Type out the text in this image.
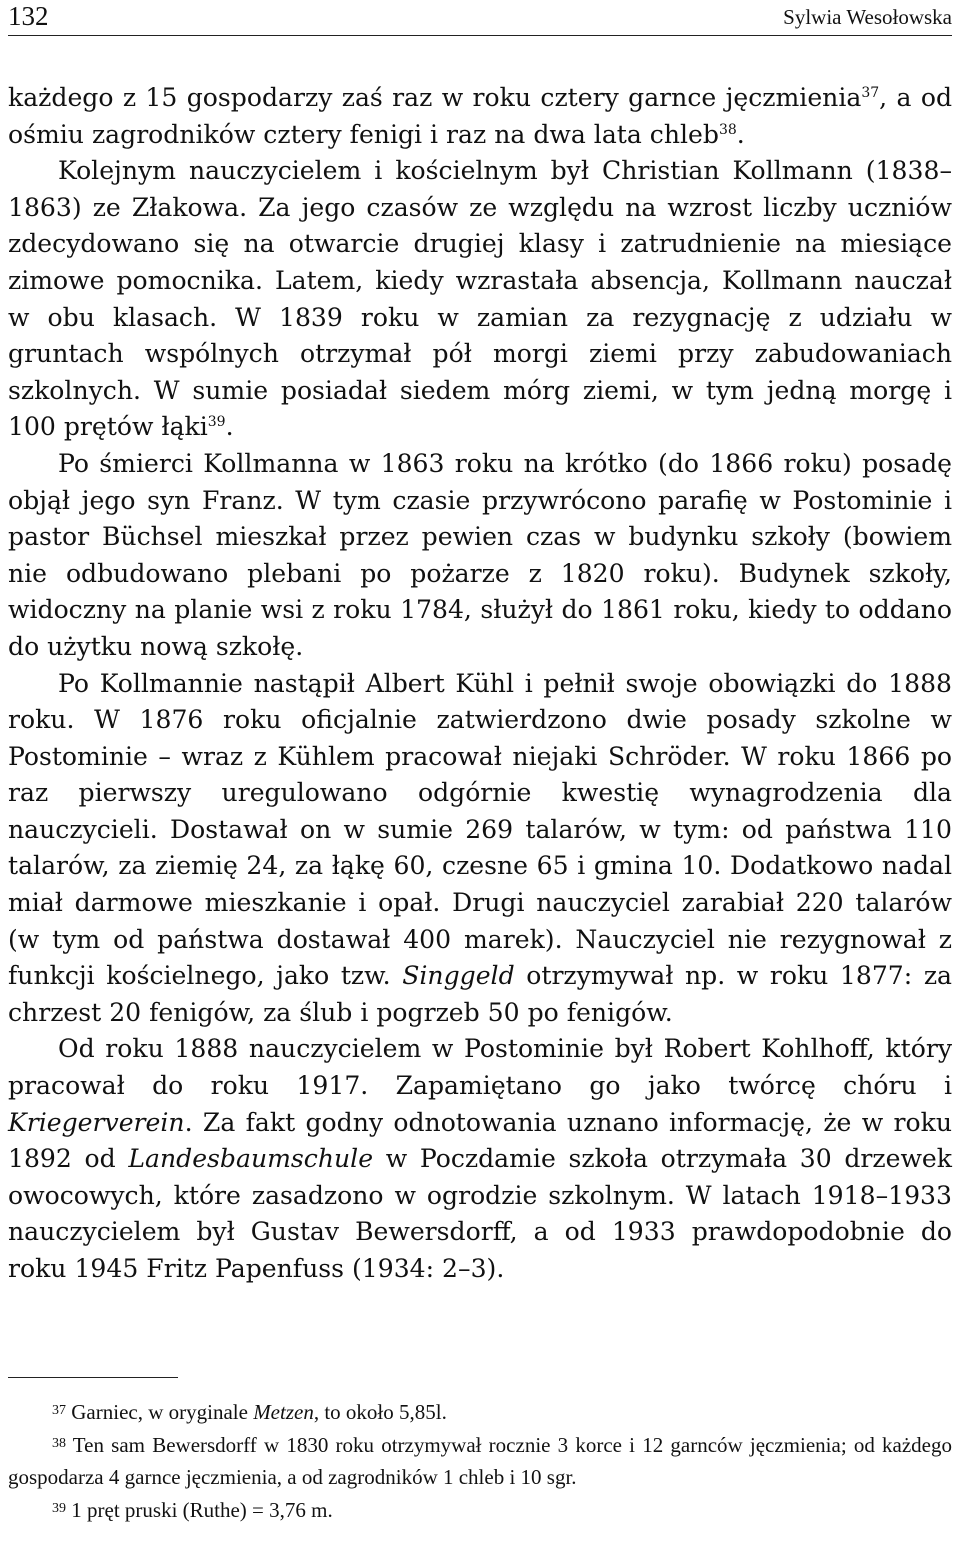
132	Sylwia Wesołowska

każdego z 15 gospodarzy zaś raz w roku cztery garnce jęczmienia$^{37}$, a od ośmiu zagrodników cztery fenigi i raz na dwa lata chleb$^{38}$.

Kolejnym nauczycielem i kościelnym był Christian Kollmann (1838–1863) ze Złakowa. Za jego czasów ze względu na wzrost liczby uczniów zdecydowano się na otwarcie drugiej klasy i zatrudnienie na miesiące zimowe pomocnika. Latem, kiedy wzrastała absencja, Kollmann nauczał w obu klasach. W 1839 roku w zamian za rezygnację z udziału w gruntach wspólnych otrzymał pół morgi ziemi przy zabudowaniach szkolnych. W sumie posiadał siedem mórg ziemi, w tym jedną morgę i 100 prętów łąki$^{39}$.

Po śmierci Kollmanna w 1863 roku na krótko (do 1866 roku) posadę objął jego syn Franz. W tym czasie przywrócono parafię w Postominie i pastor Büchsel mieszkał przez pewien czas w budynku szkoły (bowiem nie odbudowano plebani po pożarze z 1820 roku). Budynek szkoły, widoczny na planie wsi z roku 1784, służył do 1861 roku, kiedy to oddano do użytku nową szkołę.

Po Kollmannie nastąpił Albert Kühl i pełnił swoje obowiązki do 1888 roku. W 1876 roku oficjalnie zatwierdzono dwie posady szkolne w Postominie – wraz z Kühlem pracował niejaki Schröder. W roku 1866 po raz pierwszy uregulowano odgórnie kwestię wynagrodzenia dla nauczycieli. Dostawał on w sumie 269 talarów, w tym: od państwa 110 talarów, za ziemię 24, za łąkę 60, czesne 65 i gmina 10. Dodatkowo nadal miał darmowe mieszkanie i opał. Drugi nauczyciel zarabiał 220 talarów (w tym od państwa dostawał 400 marek). Nauczyciel nie rezygnował z funkcji kościelnego, jako tzw. Singgeld otrzymywał np. w roku 1877: za chrzest 20 fenigów, za ślub i pogrzeb 50 po fenigów.

Od roku 1888 nauczycielem w Postominie był Robert Kohlhoff, który pracował do roku 1917. Zapamiętano go jako twórcę chóru i Kriegerverein. Za fakt godny odnotowania uznano informację, że w roku 1892 od Landesbaumschule w Poczdamie szkoła otrzymała 30 drzewek owocowych, które zasadzono w ogrodzie szkolnym. W latach 1918–1933 nauczycielem był Gustav Bewersdorff, a od 1933 prawdopodobnie do roku 1945 Fritz Papenfuss (1934: 2–3).

$^{37}$ Garniec, w oryginale Metzen, to około 5,85l.

$^{38}$ Ten sam Bewersdorff w 1830 roku otrzymywał rocznie 3 korce i 12 garnców jęczmienia; od każdego gospodarza 4 garnce jęczmienia, a od zagrodników 1 chleb i 10 sgr.

$^{39}$ 1 pręt pruski (Ruthe) = 3,76 m.
